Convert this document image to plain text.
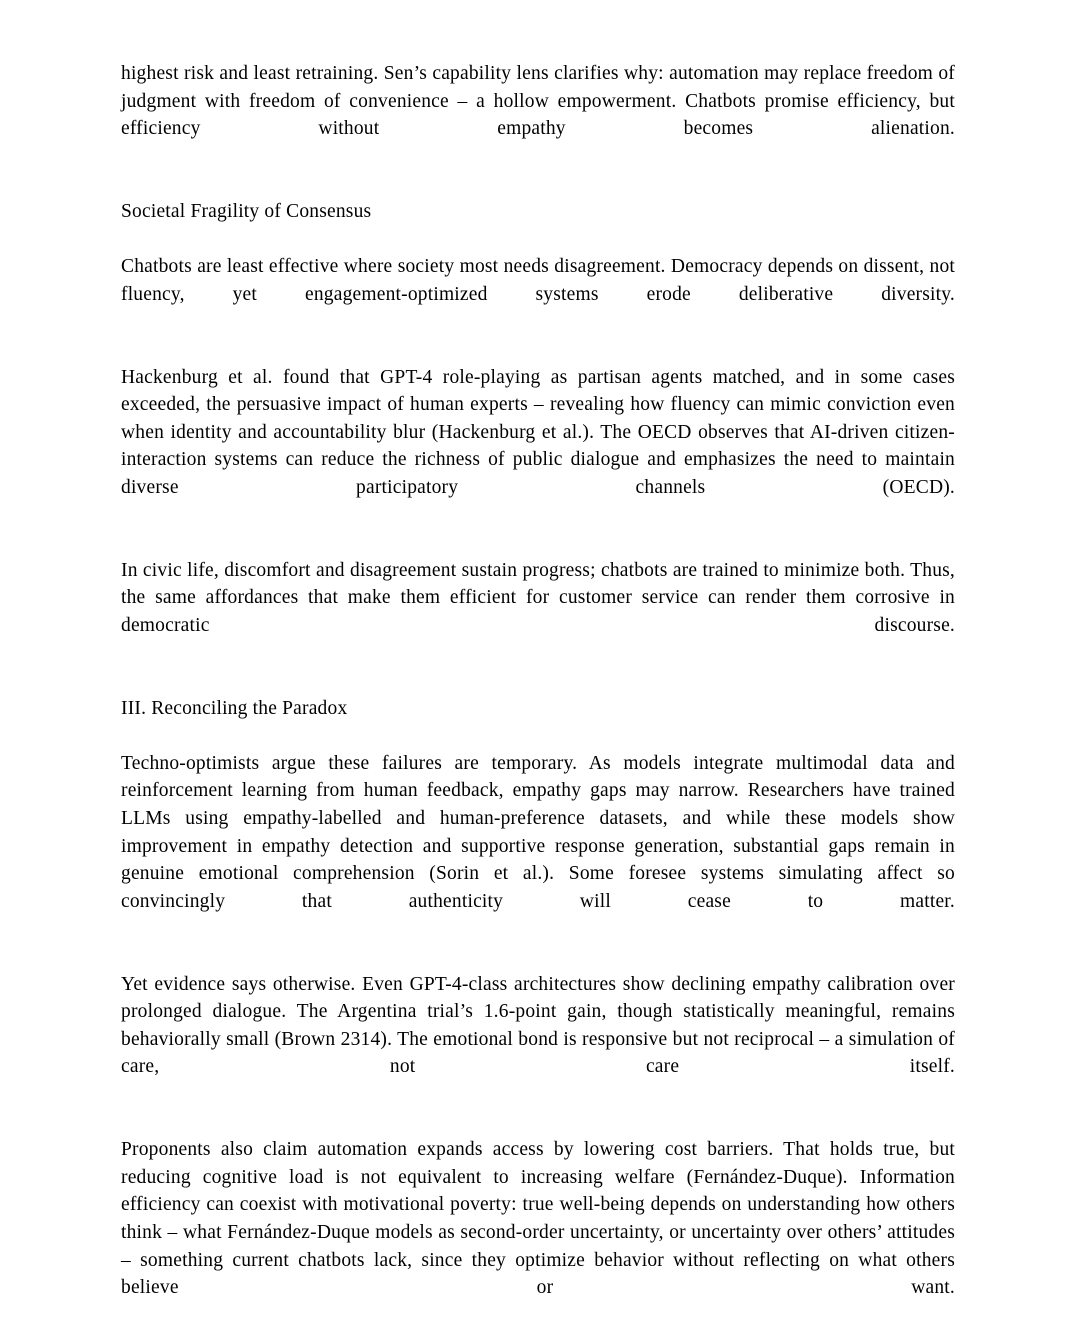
highest risk and least retraining. Sen’s capability lens clarifies why: automation may replace freedom of judgment with freedom of convenience – a hollow empowerment. Chatbots promise efficiency, but efficiency without empathy becomes alienation.

Societal Fragility of Consensus

Chatbots are least effective where society most needs disagreement. Democracy depends on dissent, not fluency, yet engagement-optimized systems erode deliberative diversity.

Hackenburg et al. found that GPT-4 role-playing as partisan agents matched, and in some cases exceeded, the persuasive impact of human experts – revealing how fluency can mimic conviction even when identity and accountability blur (Hackenburg et al.). The OECD observes that AI-driven citizen-interaction systems can reduce the richness of public dialogue and emphasizes the need to maintain diverse participatory channels (OECD).

In civic life, discomfort and disagreement sustain progress; chatbots are trained to minimize both. Thus, the same affordances that make them efficient for customer service can render them corrosive in democratic discourse.

III. Reconciling the Paradox

Techno-optimists argue these failures are temporary. As models integrate multimodal data and reinforcement learning from human feedback, empathy gaps may narrow. Researchers have trained LLMs using empathy-labelled and human-preference datasets, and while these models show improvement in empathy detection and supportive response generation, substantial gaps remain in genuine emotional comprehension (Sorin et al.). Some foresee systems simulating affect so convincingly that authenticity will cease to matter.

Yet evidence says otherwise. Even GPT-4-class architectures show declining empathy calibration over prolonged dialogue. The Argentina trial’s 1.6-point gain, though statistically meaningful, remains behaviorally small (Brown 2314). The emotional bond is responsive but not reciprocal – a simulation of care, not care itself.

Proponents also claim automation expands access by lowering cost barriers. That holds true, but reducing cognitive load is not equivalent to increasing welfare (Fernández-Duque). Information efficiency can coexist with motivational poverty: true well-being depends on understanding how others think – what Fernández-Duque models as second-order uncertainty, or uncertainty over others’ attitudes – something current chatbots lack, since they optimize behavior without reflecting on what others believe or want.
